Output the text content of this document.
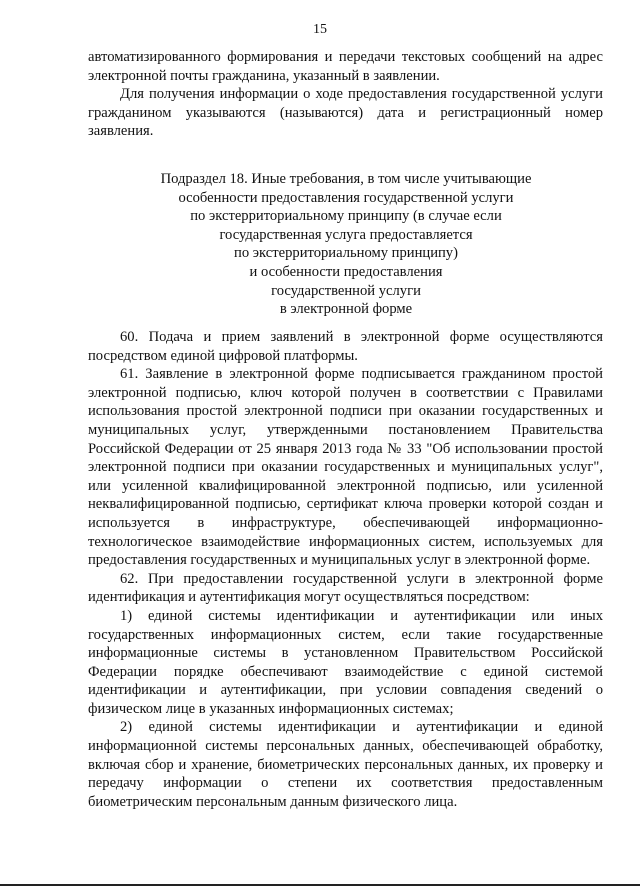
15

автоматизированного формирования и передачи текстовых сообщений на адрес электронной почты гражданина, указанный в заявлении.

Для получения информации о ходе предоставления государственной услуги гражданином указываются (называются) дата и регистрационный номер заявления.

Подраздел 18. Иные требования, в том числе учитывающие
особенности предоставления государственной услуги
по экстерриториальному принципу (в случае если
государственная услуга предоставляется
по экстерриториальному принципу)
и особенности предоставления
государственной услуги
в электронной форме

60. Подача и прием заявлений в электронной форме осуществляются посредством единой цифровой платформы.

61. Заявление в электронной форме подписывается гражданином простой электронной подписью, ключ которой получен в соответствии с Правилами использования простой электронной подписи при оказании государственных и муниципальных услуг, утвержденными постановлением Правительства Российской Федерации от 25 января 2013 года № 33 "Об использовании простой электронной подписи при оказании государственных и муниципальных услуг", или усиленной квалифицированной электронной подписью, или усиленной неквалифицированной подписью, сертификат ключа проверки которой создан и используется в инфраструктуре, обеспечивающей информационно-технологическое взаимодействие информационных систем, используемых для предоставления государственных и муниципальных услуг в электронной форме.

62. При предоставлении государственной услуги в электронной форме идентификация и аутентификация могут осуществляться посредством:

1) единой системы идентификации и аутентификации или иных государственных информационных систем, если такие государственные информационные системы в установленном Правительством Российской Федерации порядке обеспечивают взаимодействие с единой системой идентификации и аутентификации, при условии совпадения сведений о физическом лице в указанных информационных системах;

2) единой системы идентификации и аутентификации и единой информационной системы персональных данных, обеспечивающей обработку, включая сбор и хранение, биометрических персональных данных, их проверку и передачу информации о степени их соответствия предоставленным биометрическим персональным данным физического лица.
